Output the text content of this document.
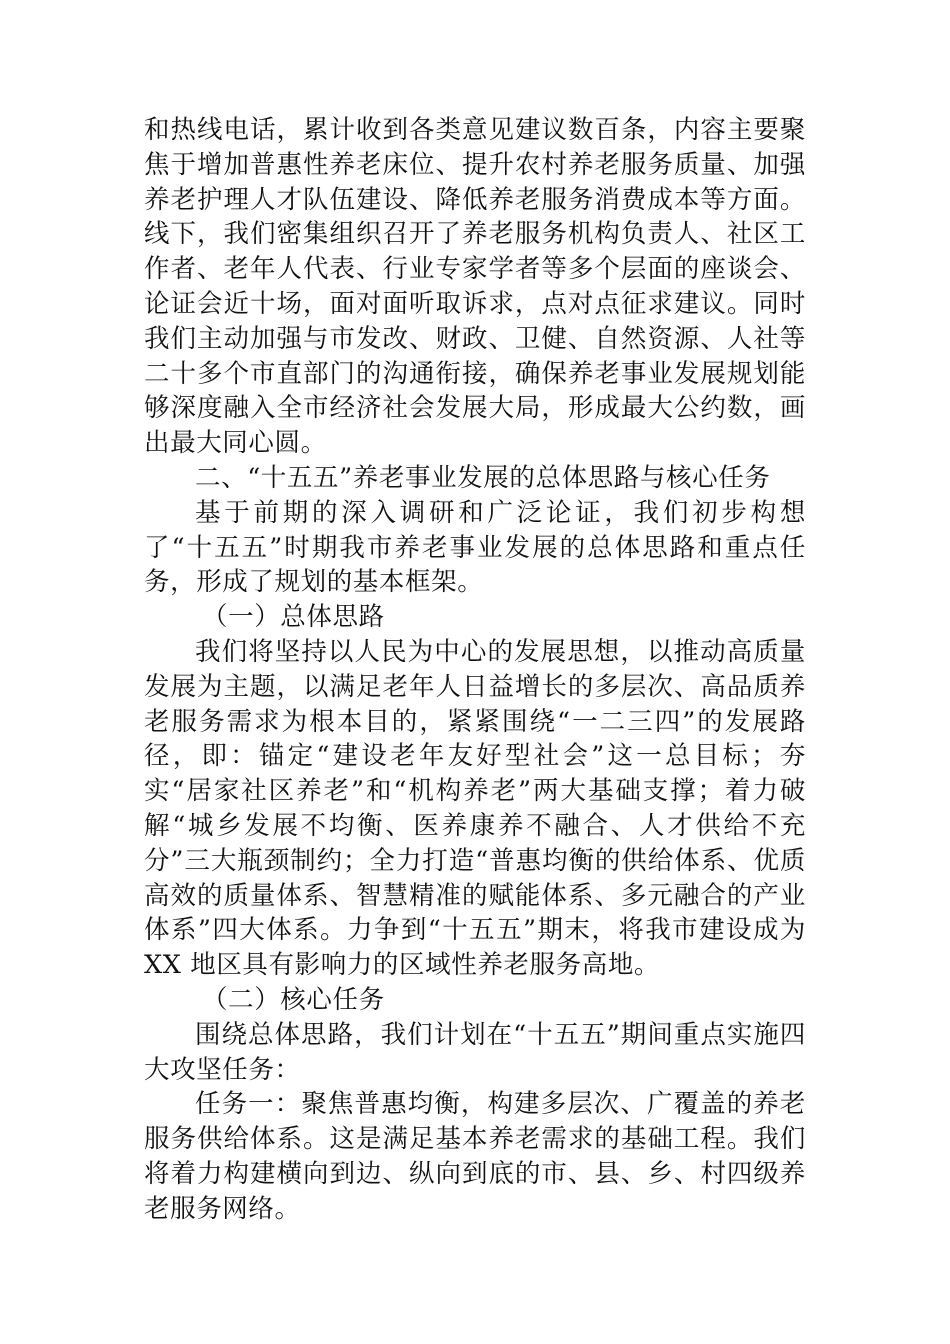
和热线电话，累计收到各类意见建议数百条，内容主要聚焦于增加普惠性养老床位、提升农村养老服务质量、加强养老护理人才队伍建设、降低养老服务消费成本等方面。线下，我们密集组织召开了养老服务机构负责人、社区工作者、老年人代表、行业专家学者等多个层面的座谈会、论证会近十场，面对面听取诉求，点对点征求建议。同时我们主动加强与市发改、财政、卫健、自然资源、人社等二十多个市直部门的沟通衔接，确保养老事业发展规划能够深度融入全市经济社会发展大局，形成最大公约数，画出最大同心圆。

二、“十五五”养老事业发展的总体思路与核心任务

基于前期的深入调研和广泛论证，我们初步构想了“十五五”时期我市养老事业发展的总体思路和重点任务，形成了规划的基本框架。

（一）总体思路

我们将坚持以人民为中心的发展思想，以推动高质量发展为主题，以满足老年人日益增长的多层次、高品质养老服务需求为根本目的，紧紧围绕“一二三四”的发展路径，即：锚定“建设老年友好型社会”这一总目标；夯实“居家社区养老”和“机构养老”两大基础支撑；着力破解“城乡发展不均衡、医养康养不融合、人才供给不充分”三大瓶颈制约；全力打造“普惠均衡的供给体系、优质高效的质量体系、智慧精准的赋能体系、多元融合的产业体系”四大体系。力争到“十五五”期末，将我市建设成为 XX 地区具有影响力的区域性养老服务高地。

（二）核心任务

围绕总体思路，我们计划在“十五五”期间重点实施四大攻坚任务：

任务一：聚焦普惠均衡，构建多层次、广覆盖的养老服务供给体系。这是满足基本养老需求的基础工程。我们将着力构建横向到边、纵向到底的市、县、乡、村四级养老服务网络。
